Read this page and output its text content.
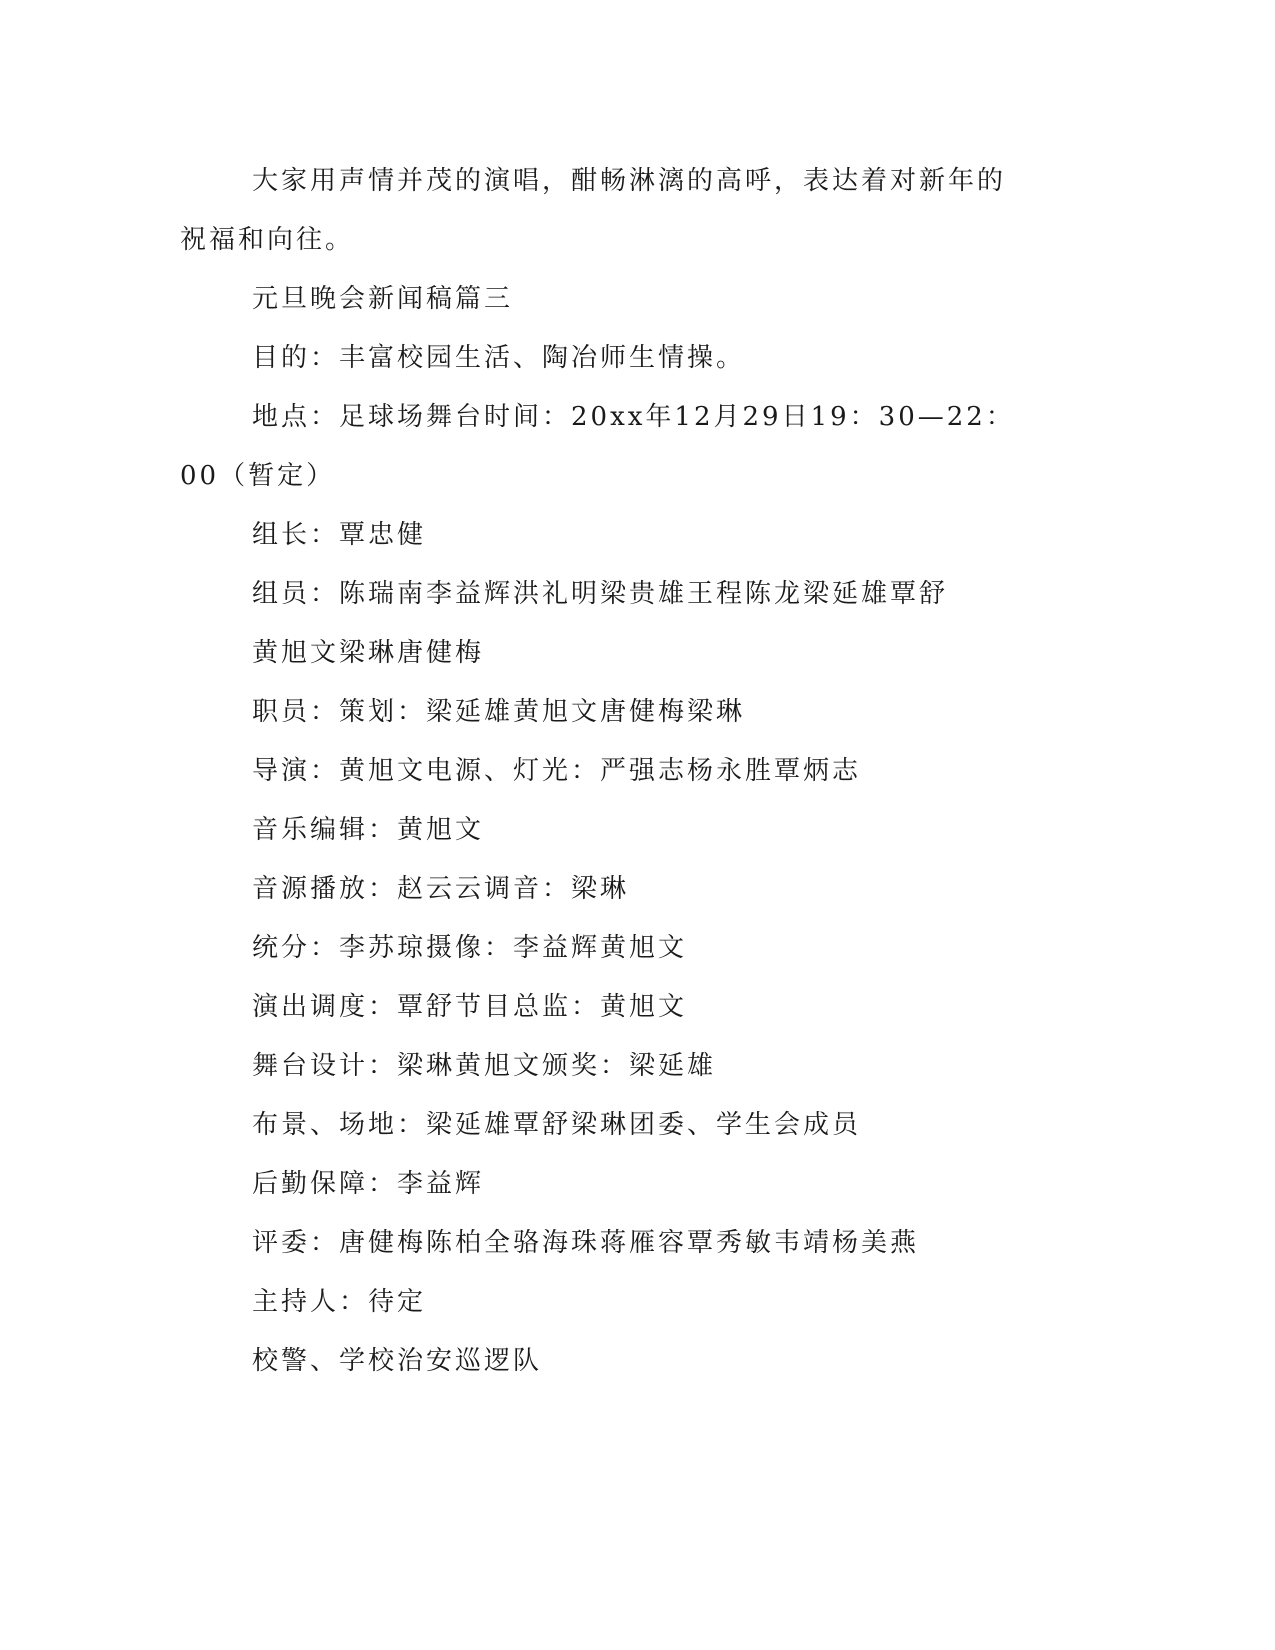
大家用声情并茂的演唱，酣畅淋漓的高呼，表达着对新年的祝福和向往。

元旦晚会新闻稿篇三

目的：丰富校园生活、陶冶师生情操。

地点：足球场舞台时间：20xx年12月29日19：30—22：00（暂定）

组长：覃忠健

组员：陈瑞南李益辉洪礼明梁贵雄王程陈龙梁延雄覃舒

黄旭文梁琳唐健梅

职员：策划：梁延雄黄旭文唐健梅梁琳

导演：黄旭文电源、灯光：严强志杨永胜覃炳志

音乐编辑：黄旭文

音源播放：赵云云调音：梁琳

统分：李苏琼摄像：李益辉黄旭文

演出调度：覃舒节目总监：黄旭文

舞台设计：梁琳黄旭文颁奖：梁延雄

布景、场地：梁延雄覃舒梁琳团委、学生会成员

后勤保障：李益辉

评委：唐健梅陈柏全骆海珠蒋雁容覃秀敏韦靖杨美燕

主持人：待定

校警、学校治安巡逻队
